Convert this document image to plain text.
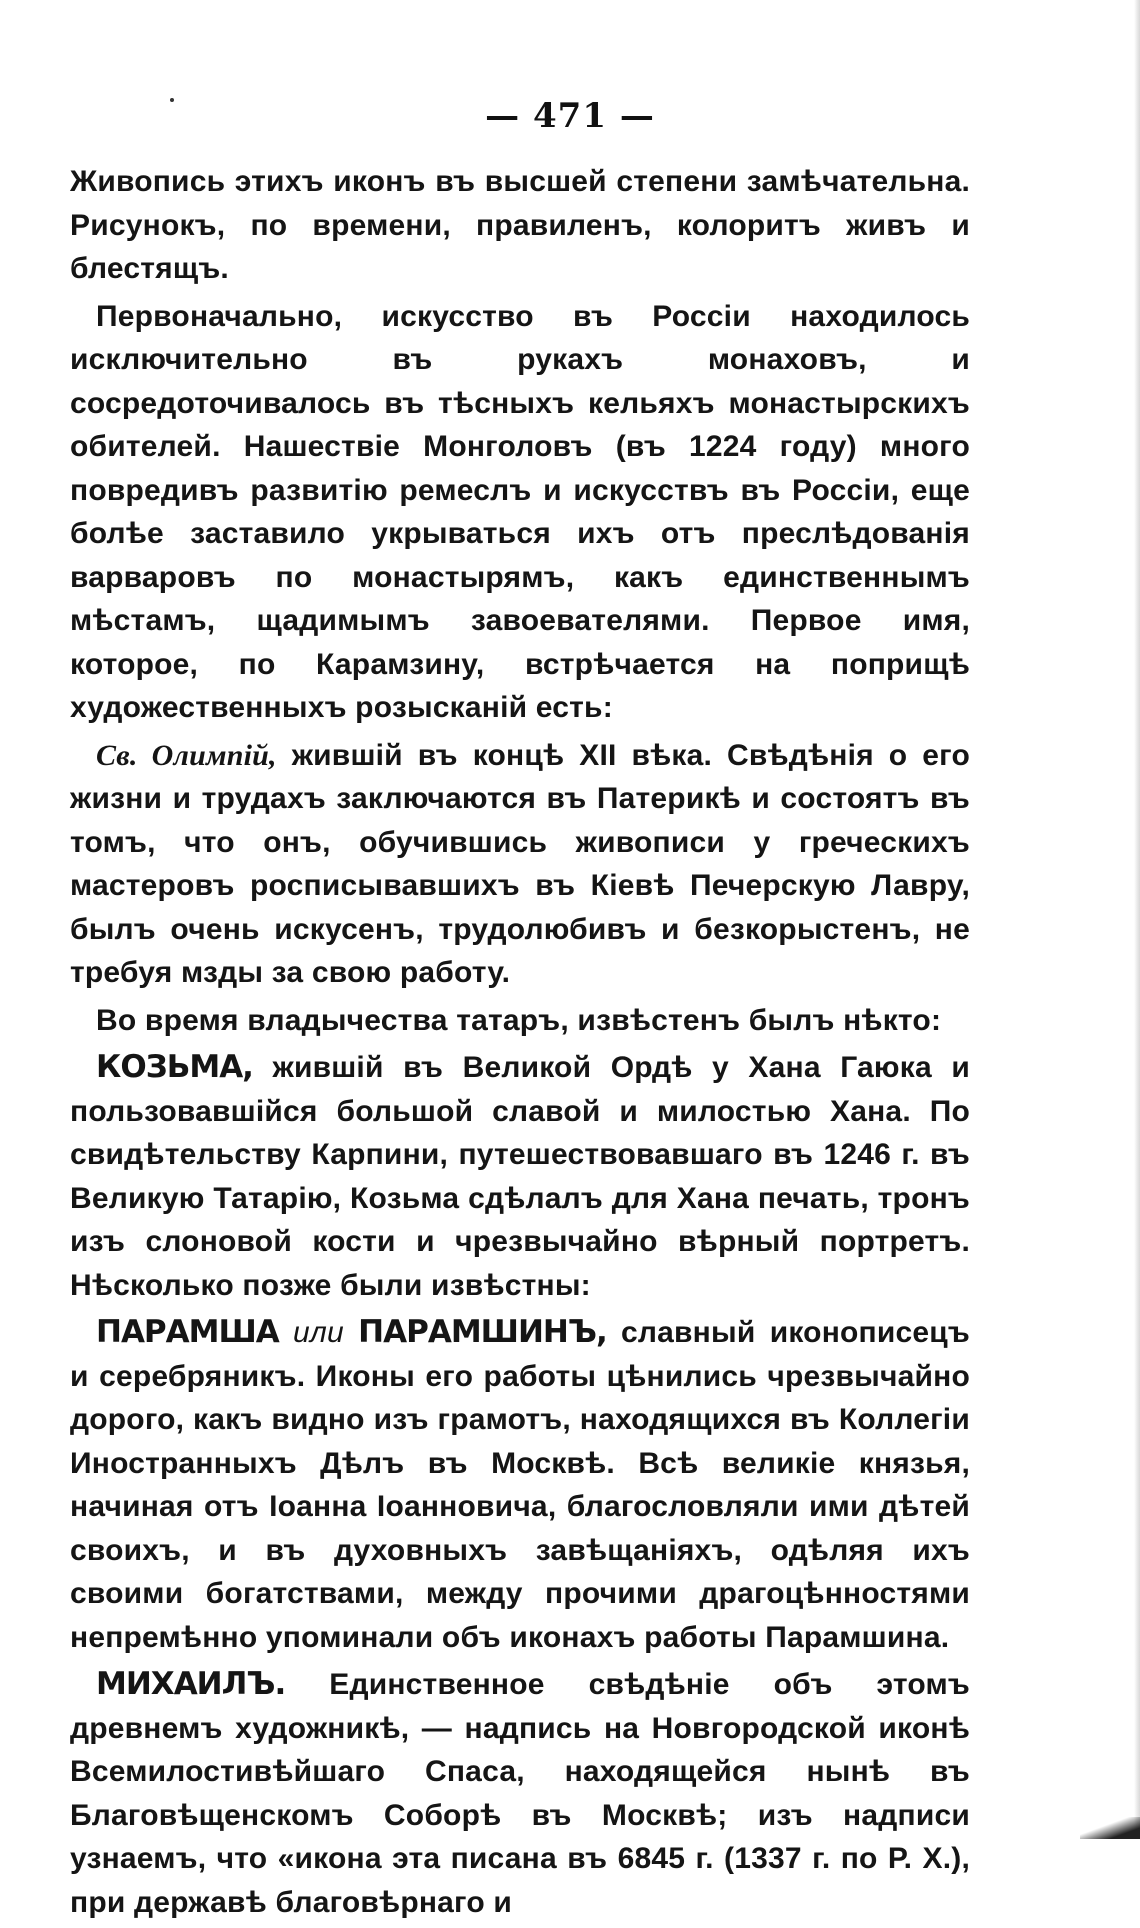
— 471 —

Живопись этихъ иконъ въ высшей степени замѣчательна. Рисунокъ, по времени, правиленъ, колоритъ живъ и блестящъ.

Первоначально, искусство въ Россіи находилось исключительно въ рукахъ монаховъ, и сосредоточивалось въ тѣсныхъ кельяхъ монастырскихъ обителей. Нашествіе Монголовъ (въ 1224 году) много повредивъ развитію ремеслъ и искусствъ въ Россіи, еще болѣе заставило укрываться ихъ отъ преслѣдованія варваровъ по монастырямъ, какъ единственнымъ мѣстамъ, щадимымъ завоевателями. Первое имя, которое, по Карамзину, встрѣчается на поприщѣ художественныхъ розысканій есть:

Св. Олимпій, жившій въ концѣ XII вѣка. Свѣдѣнія о его жизни и трудахъ заключаются въ Патерикѣ и состоятъ въ томъ, что онъ, обучившись живописи у греческихъ мастеровъ росписывавшихъ въ Кіевѣ Печерскую Лавру, былъ очень искусенъ, трудолюбивъ и безкорыстенъ, не требуя мзды за свою работу.

Во время владычества татаръ, извѣстенъ былъ нѣкто:

КОЗЬМА, жившій въ Великой Ордѣ у Хана Гаюка и пользовавшійся большой славой и милостью Хана. По свидѣтельству Карпини, путешествовавшаго въ 1246 г. въ Великую Татарію, Козьма сдѣлалъ для Хана печать, тронъ изъ слоновой кости и чрезвычайно вѣрный портретъ. Нѣсколько позже были извѣстны:

ПАРАМША или ПАРАМШИНЪ, славный иконописецъ и серебряникъ. Иконы его работы цѣнились чрезвычайно дорого, какъ видно изъ грамотъ, находящихся въ Коллегіи Иностранныхъ Дѣлъ въ Москвѣ. Всѣ великіе князья, начиная отъ Іоанна Іоанновича, благословляли ими дѣтей своихъ, и въ духовныхъ завѣщаніяхъ, одѣляя ихъ своими богатствами, между прочими драгоцѣнностями непремѣнно упоминали объ иконахъ работы Парамшина.

МИХАИЛЪ. Единственное свѣдѣніе объ этомъ древнемъ художникѣ, — надпись на Новгородской иконѣ Всемилостивѣйшаго Спаса, находящейся нынѣ въ Благовѣщенскомъ Соборѣ въ Москвѣ; изъ надписи узнаемъ, что «икона эта писана въ 6845 г. (1337 г. по Р. Х.), при державѣ благовѣрнаго и
